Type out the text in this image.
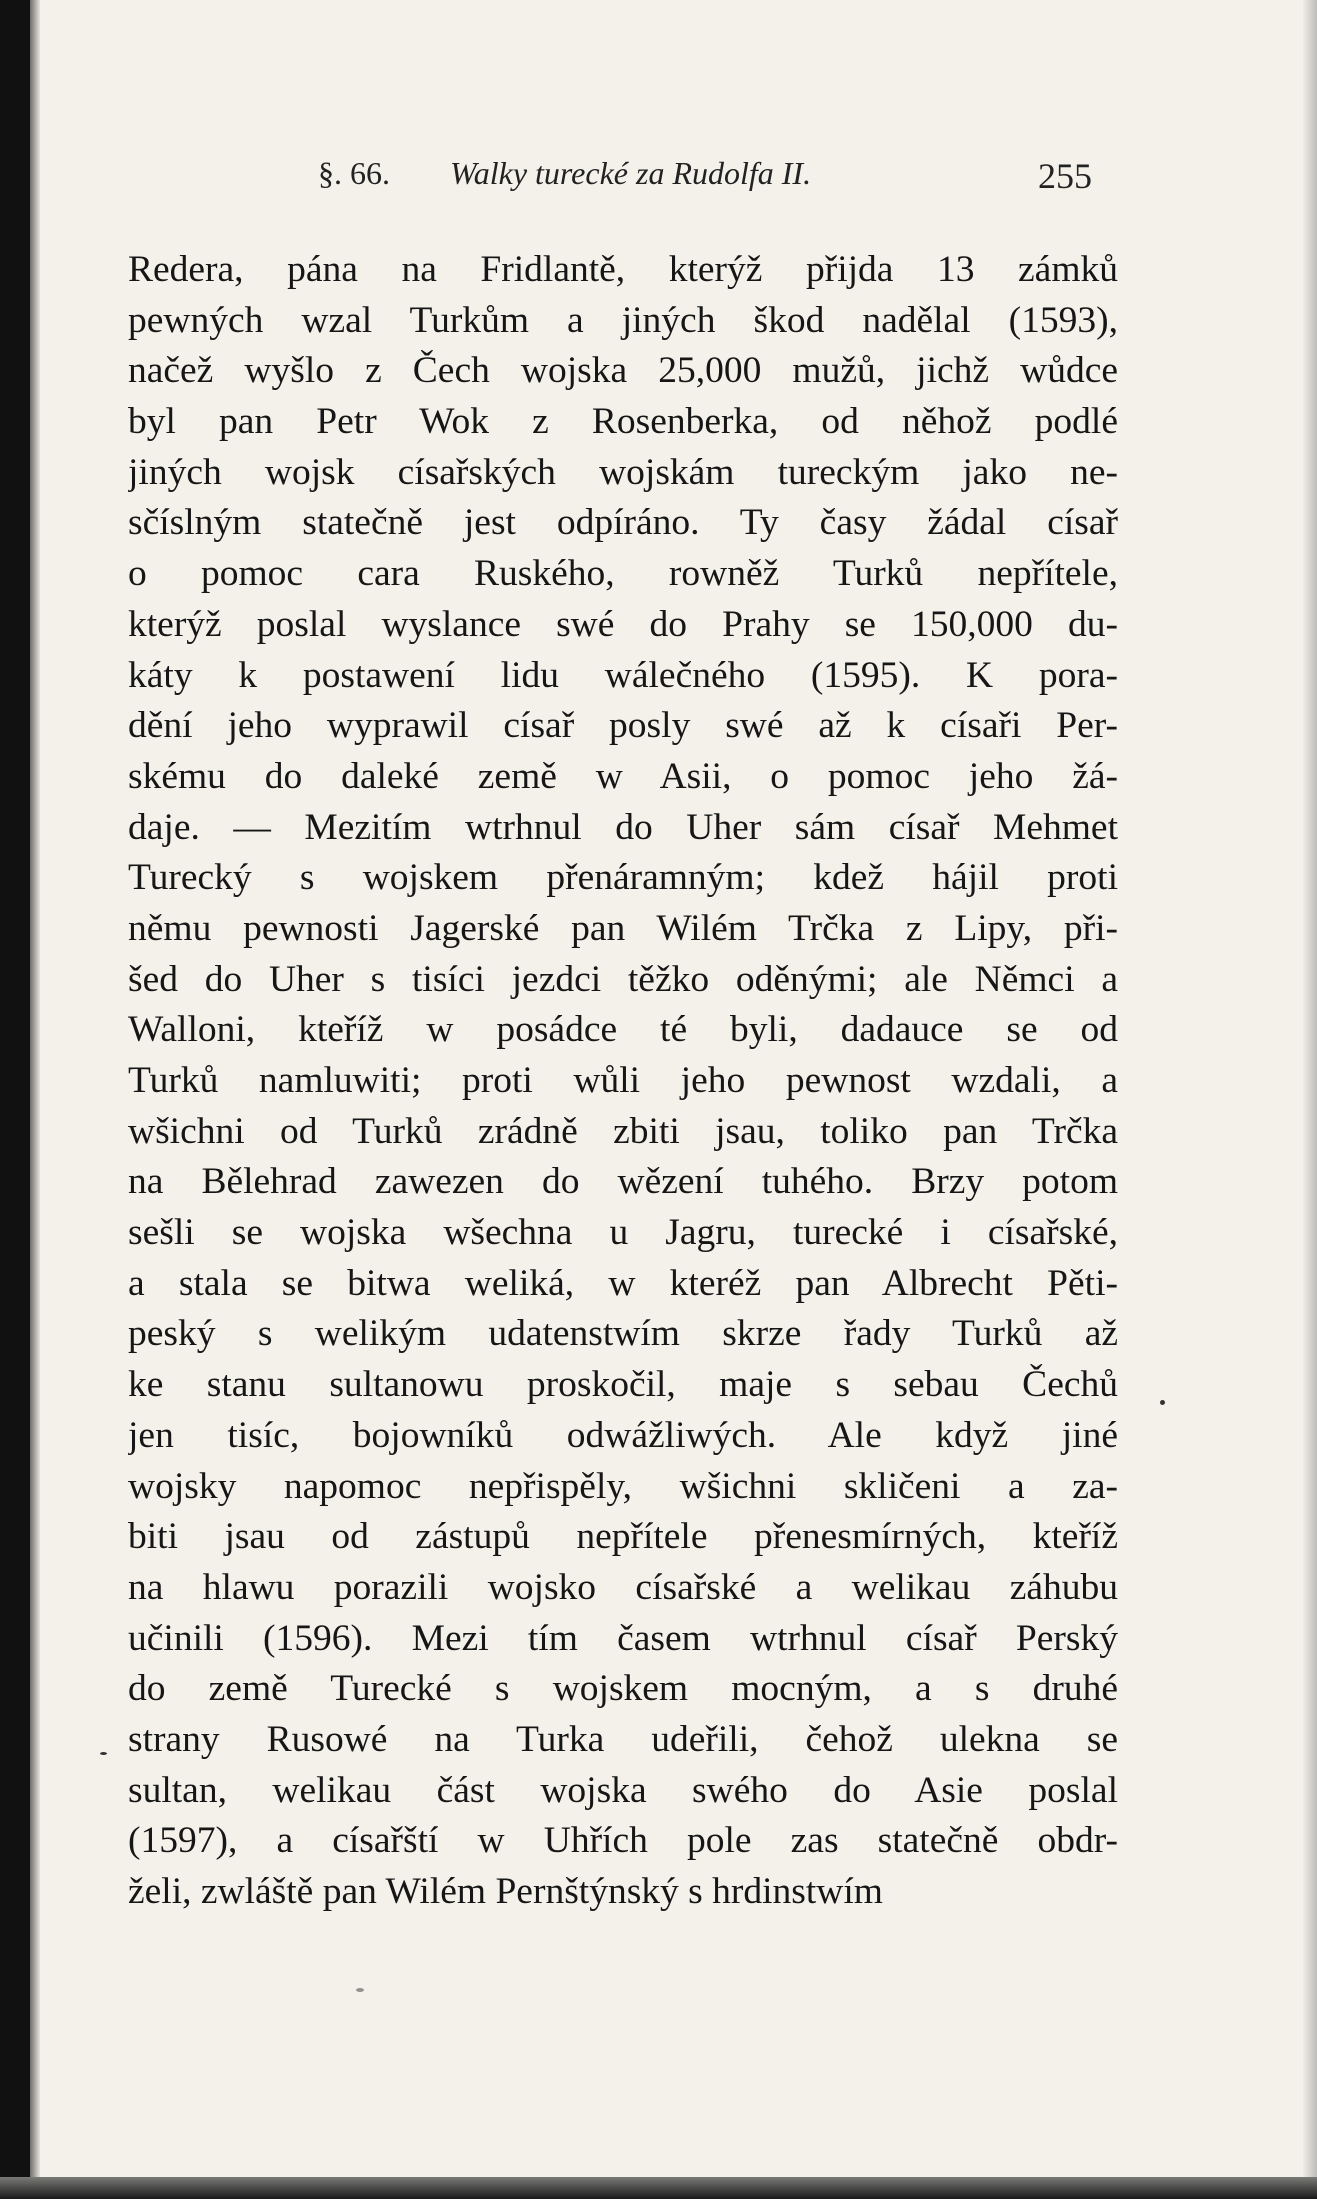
§. 66. Walky turecké za Rudolfa II.	255
Redera, pána na Fridlantě, kterýž přijda 13 zámků
pewných wzal Turkům a jiných škod nadělal (1593),
načež wyšlo z Čech wojska 25,000 mužů, jichž wůdce
byl pan Petr Wok z Rosenberka, od něhož podlé
jiných wojsk císařských wojskám tureckým jako ne-
sčíslným statečně jest odpíráno. Ty časy žádal císař
o pomoc cara Ruského, rowněž Turků nepřítele,
kterýž poslal wyslance swé do Prahy se 150,000 du-
káty k postawení lidu wálečného (1595). K pora-
dění jeho wyprawil císař posly swé až k císaři Per-
skému do daleké země w Asii, o pomoc jeho žá-
daje. — Mezitím wtrhnul do Uher sám císař Mehmet
Turecký s wojskem přenáramným; kdež hájil proti
němu pewnosti Jagerské pan Wilém Trčka z Lipy, při-
šed do Uher s tisíci jezdci těžko oděnými; ale Němci a
Walloni, kteříž w posádce té byli, dadauce se od
Turků namluwiti; proti wůli jeho pewnost wzdali, a
wšichni od Turků zrádně zbiti jsau, toliko pan Trčka
na Bělehrad zawezen do wězení tuhého. Brzy potom
sešli se wojska wšechna u Jagru, turecké i císařské,
a stala se bitwa weliká, w kteréž pan Albrecht Pěti-
peský s welikým udatenstwím skrze řady Turků až
ke stanu sultanowu proskočil, maje s sebau Čechů
jen tisíc, bojowníků odwážliwých. Ale když jiné
wojsky napomoc nepřispěly, wšichni skličeni a za-
biti jsau od zástupů nepřítele přenesmírných, kteříž
na hlawu porazili wojsko císařské a welikau záhubu
učinili (1596). Mezi tím časem wtrhnul císař Perský
do země Turecké s wojskem mocným, a s druhé
strany Rusowé na Turka udeřili, čehož ulekna se
sultan, welikau část wojska swého do Asie poslal
(1597), a císařští w Uhřích pole zas statečně obdr-
želi, zwláště pan Wilém Pernštýnský s hrdinstwím
